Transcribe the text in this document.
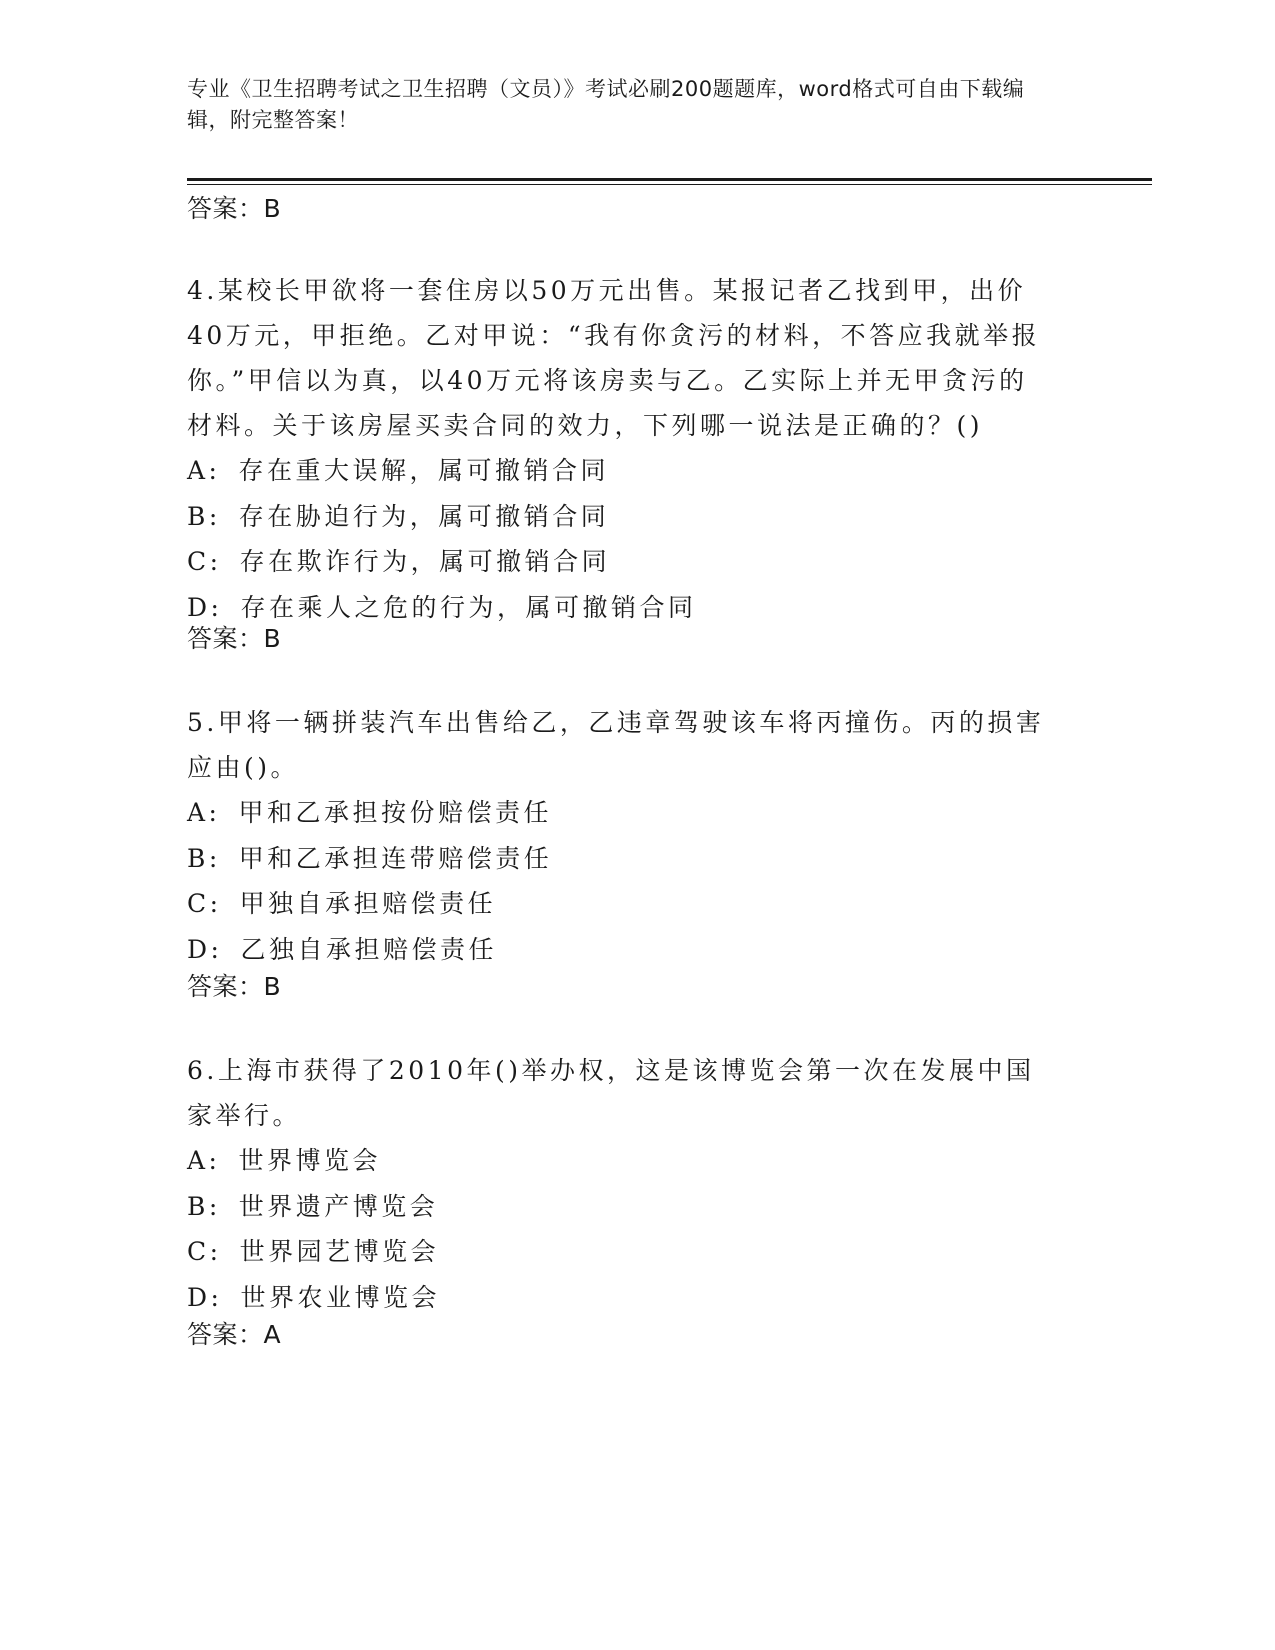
专业《卫生招聘考试之卫生招聘（文员）》考试必刷200题题库，word格式可自由下载编辑，附完整答案！
答案：B

4.某校长甲欲将一套住房以50万元出售。某报记者乙找到甲，出价40万元，甲拒绝。乙对甲说：“我有你贪污的材料，不答应我就举报你。”甲信以为真，以40万元将该房卖与乙。乙实际上并无甲贪污的材料。关于该房屋买卖合同的效力，下列哪一说法是正确的？()

A: 存在重大误解，属可撤销合同

B: 存在胁迫行为，属可撤销合同

C: 存在欺诈行为，属可撤销合同

D: 存在乘人之危的行为，属可撤销合同

答案：B

5.甲将一辆拼装汽车出售给乙，乙违章驾驶该车将丙撞伤。丙的损害应由()。

A: 甲和乙承担按份赔偿责任

B: 甲和乙承担连带赔偿责任

C: 甲独自承担赔偿责任

D: 乙独自承担赔偿责任

答案：B

6.上海市获得了2010年()举办权，这是该博览会第一次在发展中国家举行。

A: 世界博览会

B: 世界遗产博览会

C: 世界园艺博览会

D: 世界农业博览会

答案：A
